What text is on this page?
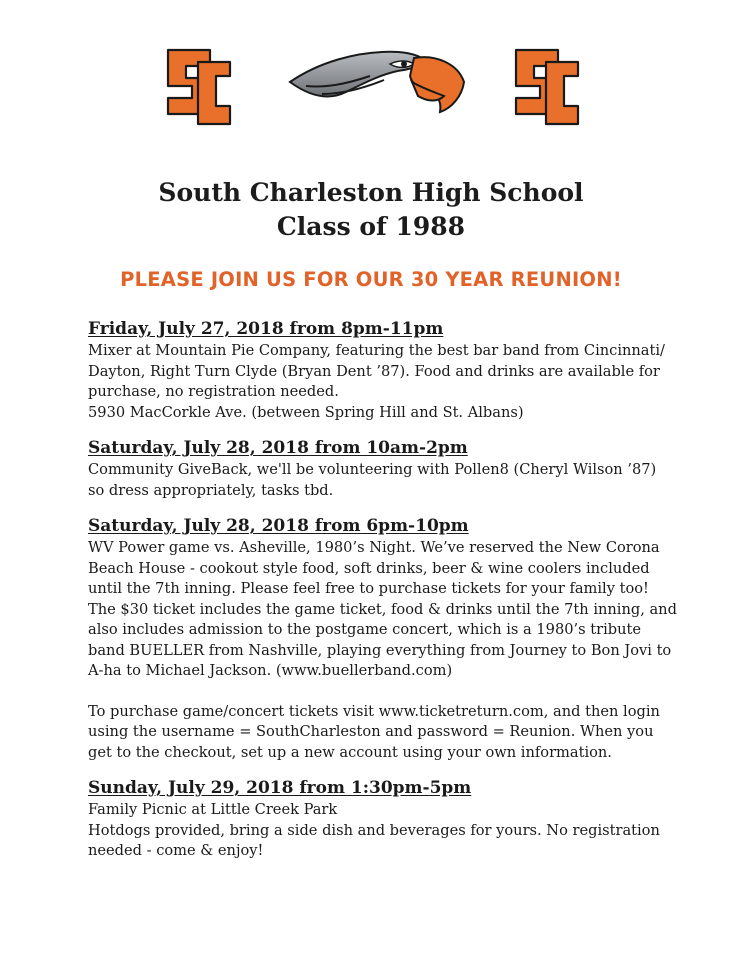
South Charleston High School
Class of 1988
PLEASE JOIN US FOR OUR 30 YEAR REUNION!
Friday, July 27, 2018 from 8pm-11pm
Mixer at Mountain Pie Company, featuring the best bar band from Cincinnati/
Dayton, Right Turn Clyde (Bryan Dent ’87). Food and drinks are available for
purchase, no registration needed.
5930 MacCorkle Ave. (between Spring Hill and St. Albans)
Saturday, July 28, 2018 from 10am-2pm
Community GiveBack, we'll be volunteering with Pollen8 (Cheryl Wilson ’87)
so dress appropriately, tasks tbd.
Saturday, July 28, 2018 from 6pm-10pm
WV Power game vs. Asheville, 1980’s Night. We’ve reserved the New Corona
Beach House - cookout style food, soft drinks, beer & wine coolers included
until the 7th inning. Please feel free to purchase tickets for your family too!
The $30 ticket includes the game ticket, food & drinks until the 7th inning, and
also includes admission to the postgame concert, which is a 1980’s tribute
band BUELLER from Nashville, playing everything from Journey to Bon Jovi to
A-ha to Michael Jackson. (www.buellerband.com)
To purchase game/concert tickets visit www.ticketreturn.com, and then login
using the username = SouthCharleston and password = Reunion. When you
get to the checkout, set up a new account using your own information.
Sunday, July 29, 2018 from 1:30pm-5pm
Family Picnic at Little Creek Park
Hotdogs provided, bring a side dish and beverages for yours. No registration
needed - come & enjoy!
